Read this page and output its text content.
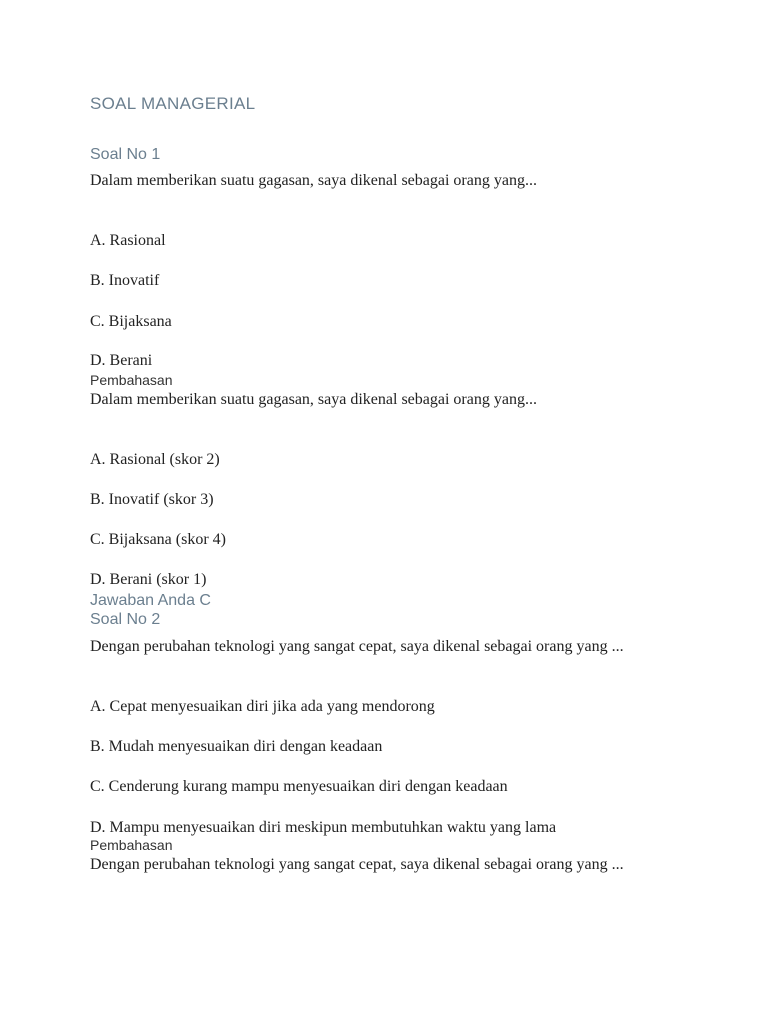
SOAL MANAGERIAL
Soal No 1
Dalam memberikan suatu gagasan, saya dikenal sebagai orang yang...
A. Rasional
B. Inovatif
C. Bijaksana
D. Berani
Pembahasan
Dalam memberikan suatu gagasan, saya dikenal sebagai orang yang...
A. Rasional (skor 2)
B. Inovatif (skor 3)
C. Bijaksana (skor 4)
D. Berani (skor 1)
Jawaban Anda C
Soal No 2
Dengan perubahan teknologi yang sangat cepat, saya dikenal sebagai orang yang ...
A. Cepat menyesuaikan diri jika ada yang mendorong
B. Mudah menyesuaikan diri dengan keadaan
C. Cenderung kurang mampu menyesuaikan diri dengan keadaan
D. Mampu menyesuaikan diri meskipun membutuhkan waktu yang lama
Pembahasan
Dengan perubahan teknologi yang sangat cepat, saya dikenal sebagai orang yang ...
